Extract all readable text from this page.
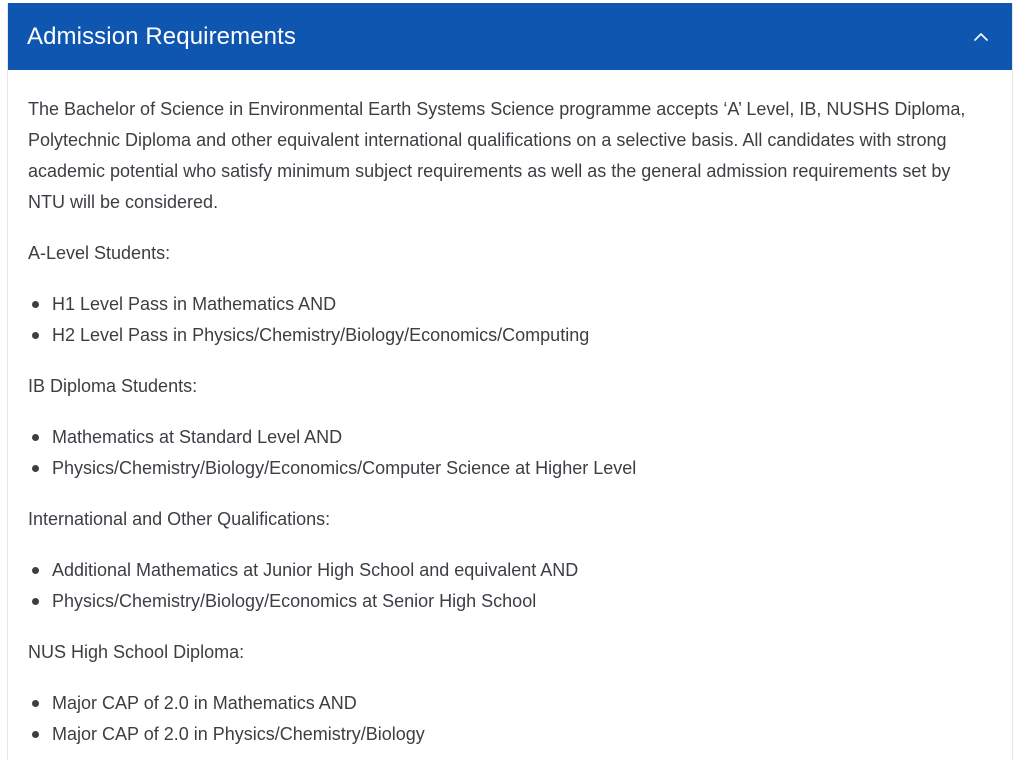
Admission Requirements

The Bachelor of Science in Environmental Earth Systems Science programme accepts ‘A’ Level, IB, NUSHS Diploma, Polytechnic Diploma and other equivalent international qualifications on a selective basis. All candidates with strong academic potential who satisfy minimum subject requirements as well as the general admission requirements set by NTU will be considered.

A-Level Students:

H1 Level Pass in Mathematics AND
H2 Level Pass in Physics/Chemistry/Biology/Economics/Computing

IB Diploma Students:

Mathematics at Standard Level AND
Physics/Chemistry/Biology/Economics/Computer Science at Higher Level

International and Other Qualifications:

Additional Mathematics at Junior High School and equivalent AND
Physics/Chemistry/Biology/Economics at Senior High School

NUS High School Diploma:

Major CAP of 2.0 in Mathematics AND
Major CAP of 2.0 in Physics/Chemistry/Biology
